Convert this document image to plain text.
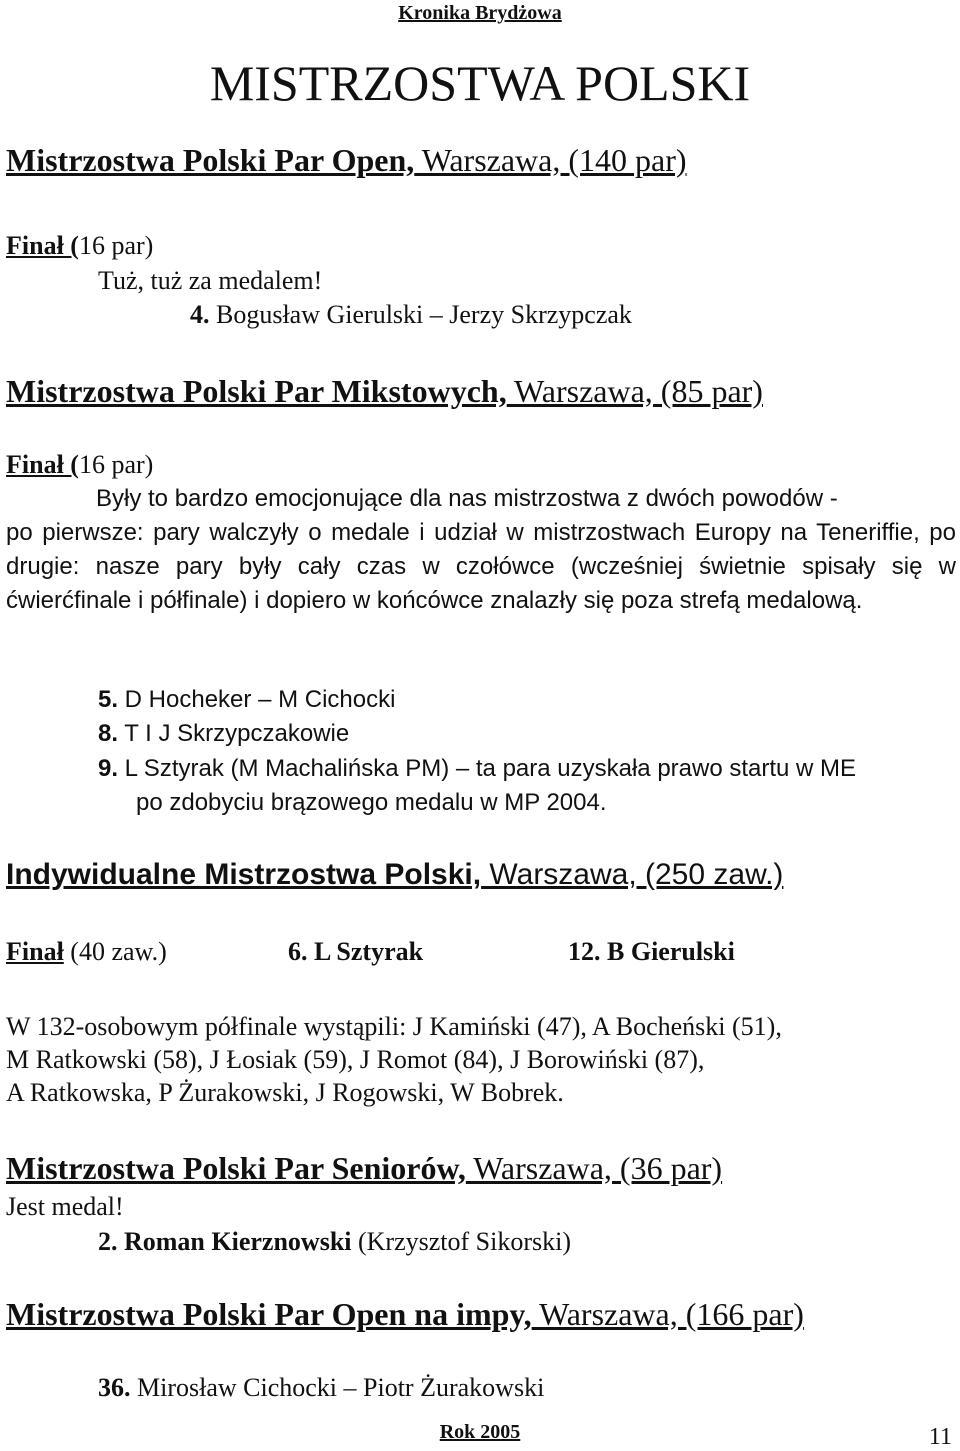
Kronika Brydżowa
MISTRZOSTWA POLSKI
Mistrzostwa Polski Par Open, Warszawa, (140 par)
Finał (16 par)
Tuż, tuż za medalem!
4. Bogusław Gierulski – Jerzy Skrzypczak
Mistrzostwa Polski Par Mikstowych, Warszawa, (85 par)
Finał (16 par)
Były to bardzo emocjonujące dla nas mistrzostwa z dwóch powodów -
po pierwsze: pary walczyły o medale i udział w mistrzostwach Europy na Teneriffie, po drugie: nasze pary były cały czas w czołówce (wcześniej świetnie spisały się w ćwierćfinale i półfinale) i dopiero w końcówce znalazły się poza strefą medalową.
5. D Hocheker – M Cichocki
8. T I J Skrzypczakowie
9. L Sztyrak (M Machalińska PM) – ta para uzyskała prawo startu w ME
po zdobyciu brązowego medalu w MP 2004.
Indywidualne Mistrzostwa Polski, Warszawa, (250 zaw.)
Finał (40 zaw.)	6. L Sztyrak	12. B Gierulski
W 132-osobowym półfinale wystąpili: J Kamiński (47), A Bocheński (51),
M Ratkowski (58), J Łosiak (59), J Romot (84), J Borowiński (87),
A Ratkowska, P Żurakowski, J Rogowski, W Bobrek.
Mistrzostwa Polski Par Seniorów, Warszawa, (36 par)
Jest medal!
2. Roman Kierznowski (Krzysztof Sikorski)
Mistrzostwa Polski Par Open na impy, Warszawa, (166 par)
36. Mirosław Cichocki – Piotr Żurakowski
Rok 2005	11
